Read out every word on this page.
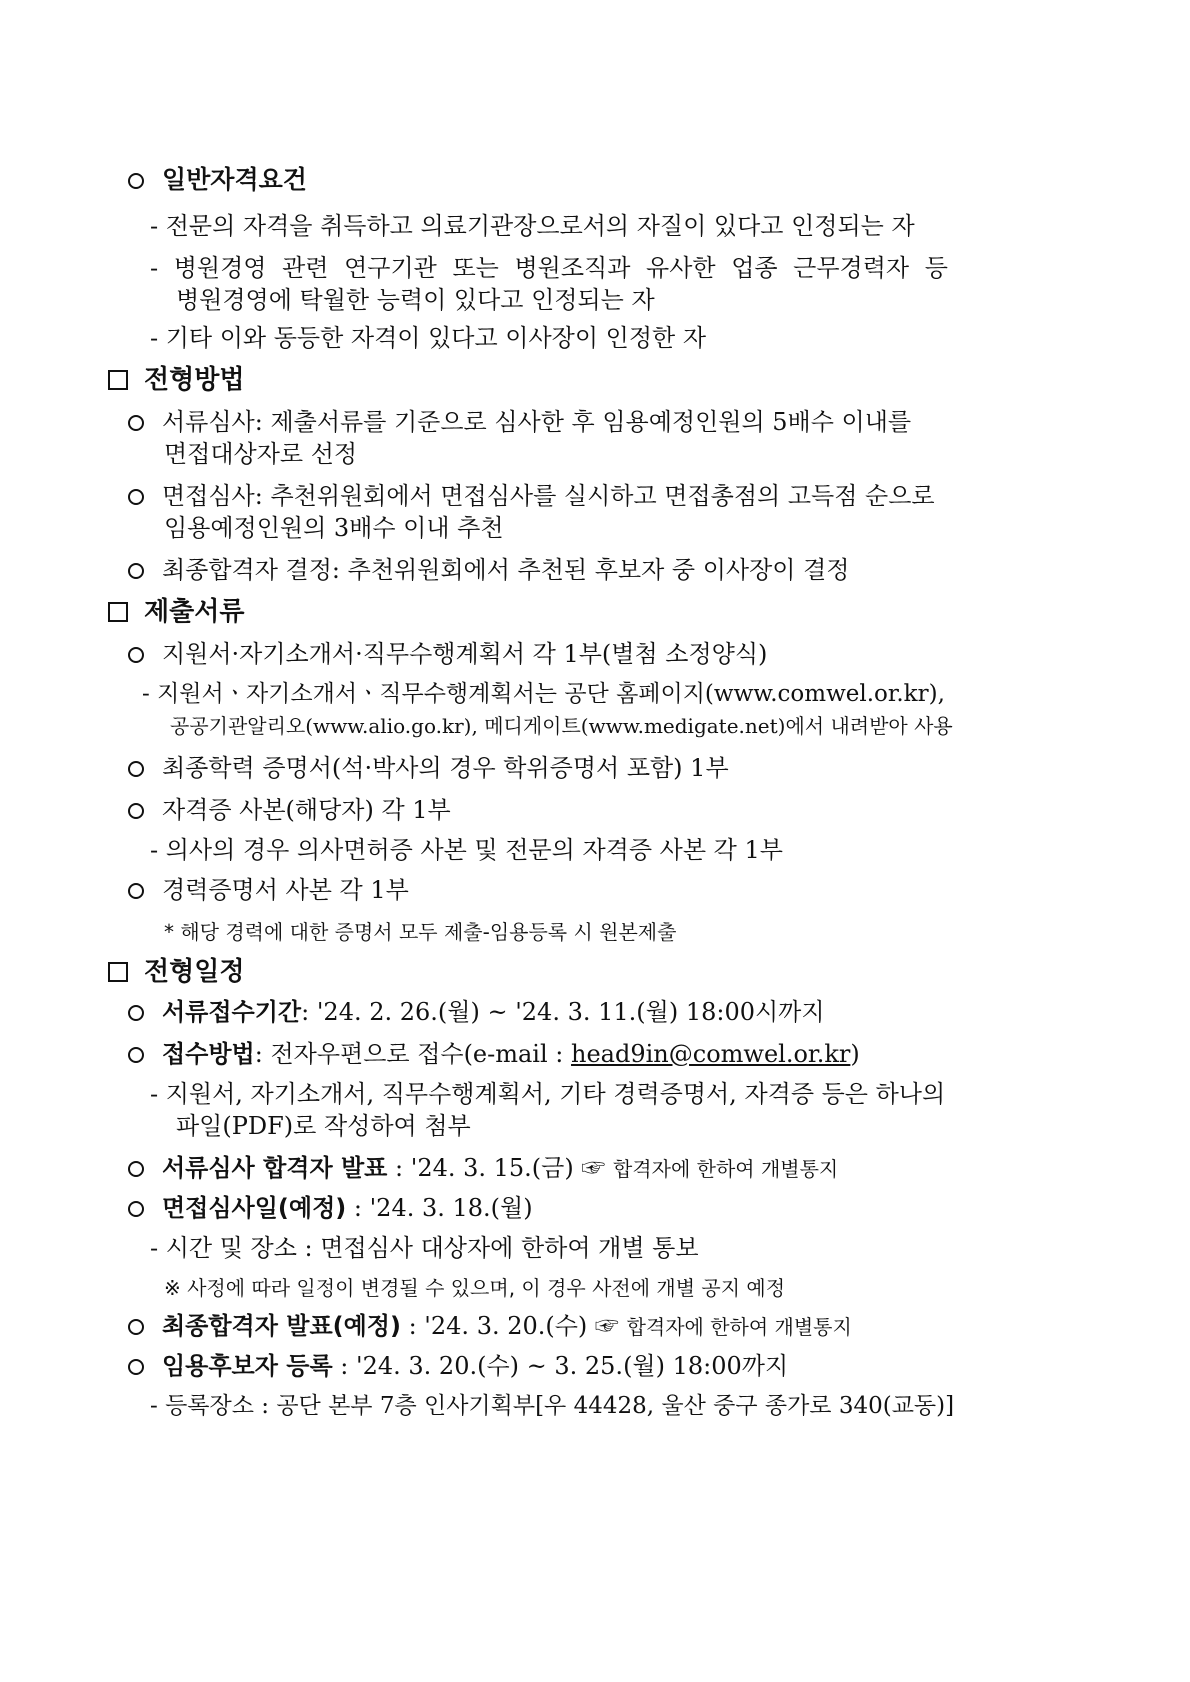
일반자격요건
- 전문의 자격을 취득하고 의료기관장으로서의 자질이 있다고 인정되는 자
- 병원경영 관련 연구기관 또는 병원조직과 유사한 업종 근무경력자 등
병원경영에 탁월한 능력이 있다고 인정되는 자
- 기타 이와 동등한 자격이 있다고 이사장이 인정한 자
전형방법
서류심사: 제출서류를 기준으로 심사한 후 임용예정인원의 5배수 이내를
면접대상자로 선정
면접심사: 추천위원회에서 면접심사를 실시하고 면접총점의 고득점 순으로
임용예정인원의 3배수 이내 추천
최종합격자 결정: 추천위원회에서 추천된 후보자 중 이사장이 결정
제출서류
지원서·자기소개서·직무수행계획서 각 1부(별첨 소정양식)
- 지원서ㆍ자기소개서ㆍ직무수행계획서는 공단 홈페이지(www.comwel.or.kr),
공공기관알리오(www.alio.go.kr), 메디게이트(www.medigate.net)에서 내려받아 사용
최종학력 증명서(석·박사의 경우 학위증명서 포함) 1부
자격증 사본(해당자) 각 1부
- 의사의 경우 의사면허증 사본 및 전문의 자격증 사본 각 1부
경력증명서 사본 각 1부
* 해당 경력에 대한 증명서 모두 제출-임용등록 시 원본제출
전형일정
서류접수기간: '24. 2. 26.(월) ~ '24. 3. 11.(월) 18:00시까지
접수방법: 전자우편으로 접수(e-mail : head9in@comwel.or.kr)
- 지원서, 자기소개서, 직무수행계획서, 기타 경력증명서, 자격증 등은 하나의
파일(PDF)로 작성하여 첨부
서류심사 합격자 발표 : '24. 3. 15.(금) ☞ 합격자에 한하여 개별통지
면접심사일(예정) : '24. 3. 18.(월)
- 시간 및 장소 : 면접심사 대상자에 한하여 개별 통보
※ 사정에 따라 일정이 변경될 수 있으며, 이 경우 사전에 개별 공지 예정
최종합격자 발표(예정) : '24. 3. 20.(수) ☞ 합격자에 한하여 개별통지
임용후보자 등록 : '24. 3. 20.(수) ~ 3. 25.(월) 18:00까지
- 등록장소 : 공단 본부 7층 인사기획부[우 44428, 울산 중구 종가로 340(교동)]
